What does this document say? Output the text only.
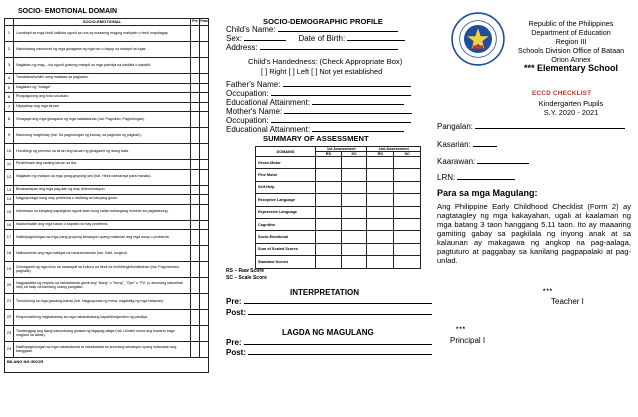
SOCIO- EMOTIONAL DOMAIN
	SOCIO-EMOTIONAL	Pre	Post
1	Lumalapit sa mga hindi kakilala ngunit sa una ay maaaring maging mahiyain o hindi mapalagay.		
2	Natutuwang nanunuod ng mga ginagawa ng mga tao o hayop sa malapit na lugar.		
3	Naglalaro ng mag – isa ngunit gustong malapit sa mga pamilya na kakilala o kapatid.		
4	Tumatawa/tumitili nang malakas sa paglalaro.		
5	Naglalaro ng "bulaga"		
6	Pinapagulong ang bola sa kalaro.		
7	Niyayakap ang mga laruan.		
8	Ginagaya ang mga ginagawa ng mga nakatatanda (hal. Pagluluto, Paghuhugas).		
9	Marunong maghintay (hal. Sa paghuhugas ng kamay, sa pagkuha ng pagkain).		
10	Humihingi ng permiso na laruin ang laruan ng ginagamit ng ibang bata.		
11	Pinahihiram ang sariling laruan sa iba.		
12	Naglalaro ng maayos sa mga pang-grupong laro (hal. Hindi nandaraya para manalo).		
13	Binabantayan ang mga pag-aari ng may determinasyon.		
14	Nagpupursige kung may problema o hadlang sa kanyang gusto.		
15	Interesado sa kanyang kapaligiran ngunit alam kung kailan kailangang huminto sa pagtatanong.		
16	Inaalo/inaalie ang mga kalaro o kapatid na may problema.		
17	Nakikipagtulungan sa mga pang-grupong sitwasyon upang malaman ang mga away o problema.		
18	Naikukwento ang mga mabigat na nararamdaman (hal. Galit, lungkot).		
19	Gumagamit ng mga kilos na nararapat sa kultura na hindi na hinihihingi/dinidiktahan (hal. Pagmamano, paghalik).		
20	Nagpapakita ng respeto sa nakatatanda gamit ang "Nang" o "Nong", "Opo" o "Po" (o anumang katumbas nito) sa halip na kanilang unang pangalan.		
21	Tumutulong sa mga gawaing-bahay (hal. Nagpupunas ng mesa, nagdidilig ng mga halaman).		
22	Responsableng nagbabantay sa mga nakababatang kapatid/miyembro ng pamilya.		
23	Tinatanggap ang isang kasunduang ginawa ng tagapag-alaga (hal. Lilinisin muna ang kuwarto bago maglaro sa labas).		
24	Nakikipagtulungan sa mga nakakatanda at nakababata sa anumang sitwasyon upang maiwasan ang banggaan.		
BILANG NG ISKOR			
SOCIO-DEMOGRAPHIC PROFILE
Child's Name:
Sex:	Date of Birth:
Address:
Child's Handedness: (Check Appropriate Box)
[ ] Right [ ] Left [ ] Not yet established
Father's Name:
Occupation:
Educational Attainment:
Mother's Name:
Occupation:
Educational Attainment:
SUMMARY OF ASSESSMENT
DOMAINS	1st Assessment		2nd Assessment	
	RS	SC	RS	SC
Gross-Motor				
Fine Motor				
Self-Help				
Receptive Language				
Expressive Language				
Cognitive				
Socio-Emotional				
Sum of Scaled Scores				
Standard Scores				
RS – Raw Score
SC – Scale Score
INTERPRETATION
Pre:
Post:
LAGDA NG MAGULANG
Pre:
Post:
Republic of the Philippines
Department of Education
Region III
Schools Division Office of Bataan
Orion Annex
*** Elementary School
ECCD CHECKLIST
Kindergarten Pupils
S.Y. 2020 - 2021
Pangalan:
Kasarian:
Kaarawan:
LRN:
Para sa mga Magulang:
Ang Philippine Early Childhood Checklist (Form 2) ay nagtatagley ng mga kakayahan, ugali at kaalaman ng mga batang 3 taon hanggang 5.11 taon. Ito ay maaaring gamiting gabay sa pagkilala ng inyong anak at sa kalaunan ay makagawa ng angkop na pag-aalaga, pagtuturo at paggabay sa kanilang pagpapalaki at pag-unlad.
***
Teacher I
***
Principal I
